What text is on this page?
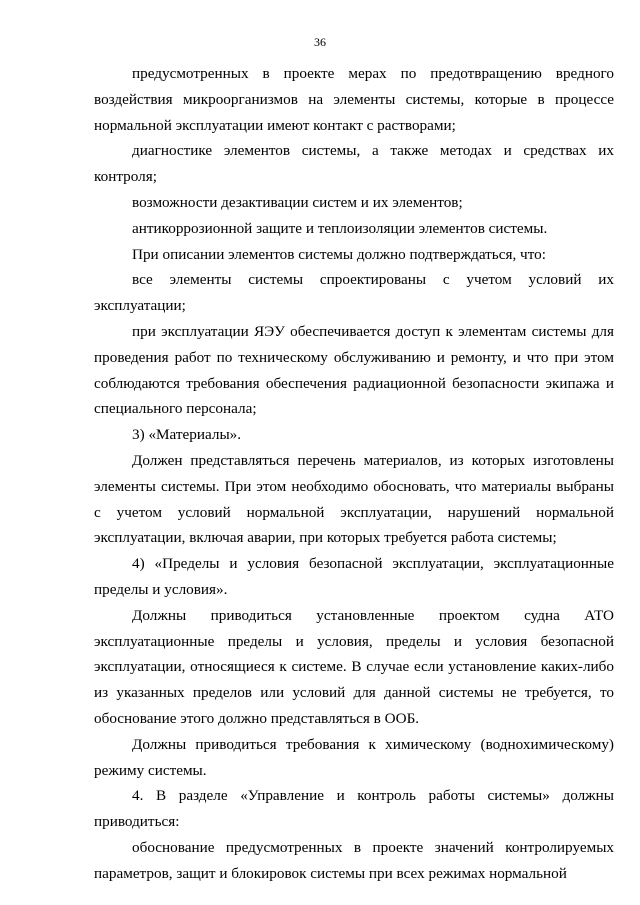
36

предусмотренных в проекте мерах по предотвращению вредного воздействия микроорганизмов на элементы системы, которые в процессе нормальной эксплуатации имеют контакт с растворами;

диагностике элементов системы, а также методах и средствах их контроля;

возможности дезактивации систем и их элементов;

антикоррозионной защите и теплоизоляции элементов системы.

При описании элементов системы должно подтверждаться, что:

все элементы системы спроектированы с учетом условий их эксплуатации;

при эксплуатации ЯЭУ обеспечивается доступ к элементам системы для проведения работ по техническому обслуживанию и ремонту, и что при этом соблюдаются требования обеспечения радиационной безопасности экипажа и специального персонала;

3) «Материалы».

Должен представляться перечень материалов, из которых изготовлены элементы системы. При этом необходимо обосновать, что материалы выбраны с учетом условий нормальной эксплуатации, нарушений нормальной эксплуатации, включая аварии, при которых требуется работа системы;

4) «Пределы и условия безопасной эксплуатации, эксплуатационные пределы и условия».

Должны приводиться установленные проектом судна АТО эксплуатационные пределы и условия, пределы и условия безопасной эксплуатации, относящиеся к системе. В случае если установление каких-либо из указанных пределов или условий для данной системы не требуется, то обоснование этого должно представляться в ООБ.

Должны приводиться требования к химическому (воднохимическому) режиму системы.

4. В разделе «Управление и контроль работы системы» должны приводиться:

обоснование предусмотренных в проекте значений контролируемых параметров, защит и блокировок системы при всех режимах нормальной
